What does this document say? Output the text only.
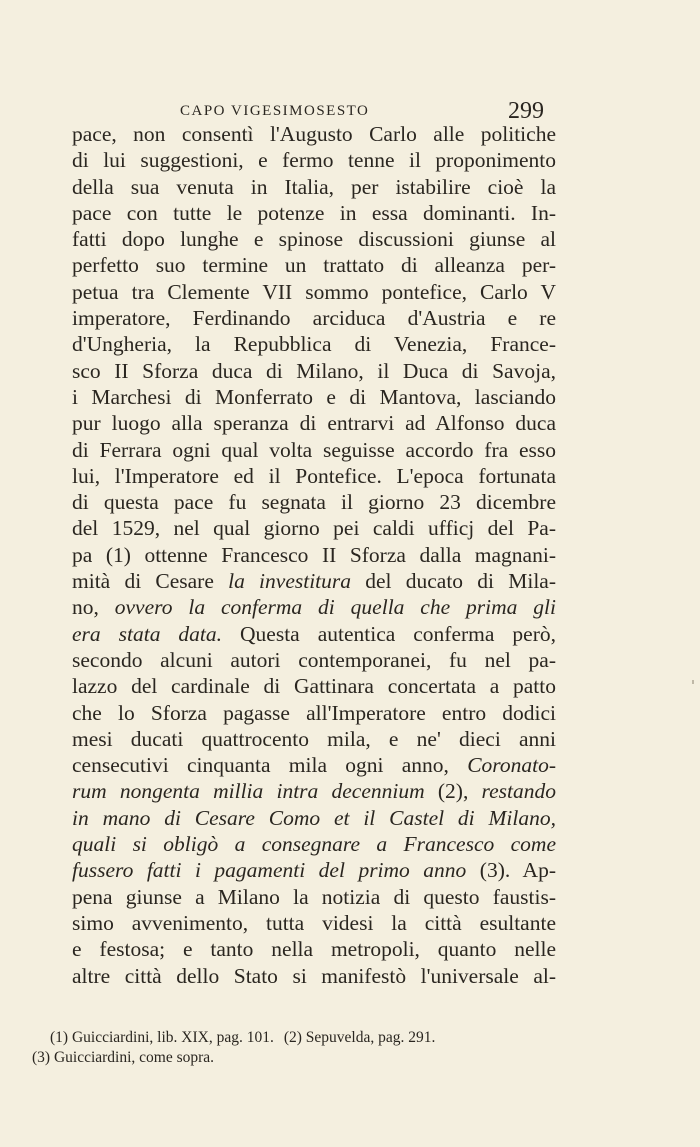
CAPO VIGESIMOSESTO	299
pace, non consentì l'Augusto Carlo alle politiche
di lui suggestioni, e fermo tenne il proponimento
della sua venuta in Italia, per istabilire cioè la
pace con tutte le potenze in essa dominanti. In-
fatti dopo lunghe e spinose discussioni giunse al
perfetto suo termine un trattato di alleanza per-
petua tra Clemente VII sommo pontefice, Carlo V
imperatore, Ferdinando arciduca d'Austria e re
d'Ungheria, la Repubblica di Venezia, France-
sco II Sforza duca di Milano, il Duca di Savoja,
i Marchesi di Monferrato e di Mantova, lasciando
pur luogo alla speranza di entrarvi ad Alfonso duca
di Ferrara ogni qual volta seguisse accordo fra esso
lui, l'Imperatore ed il Pontefice. L'epoca fortunata
di questa pace fu segnata il giorno 23 dicembre
del 1529, nel qual giorno pei caldi ufficj del Pa-
pa (1) ottenne Francesco II Sforza dalla magnani-
mità di Cesare la investitura del ducato di Mila-
no, ovvero la conferma di quella che prima gli
era stata data. Questa autentica conferma però,
secondo alcuni autori contemporanei, fu nel pa-
lazzo del cardinale di Gattinara concertata a patto
che lo Sforza pagasse all'Imperatore entro dodici
mesi ducati quattrocento mila, e ne' dieci anni
censecutivi cinquanta mila ogni anno, Coronato-
rum nongenta millia intra decennium (2), restando
in mano di Cesare Como et il Castel di Milano,
quali si obligò a consegnare a Francesco come
fussero fatti i pagamenti del primo anno (3). Ap-
pena giunse a Milano la notizia di questo faustis-
simo avvenimento, tutta videsi la città esultante
e festosa; e tanto nella metropoli, quanto nelle
altre città dello Stato si manifestò l'universale al-
(1) Guicciardini, lib. XIX, pag. 101. (2) Sepuvelda, pag. 291.
(3) Guicciardini, come sopra.
